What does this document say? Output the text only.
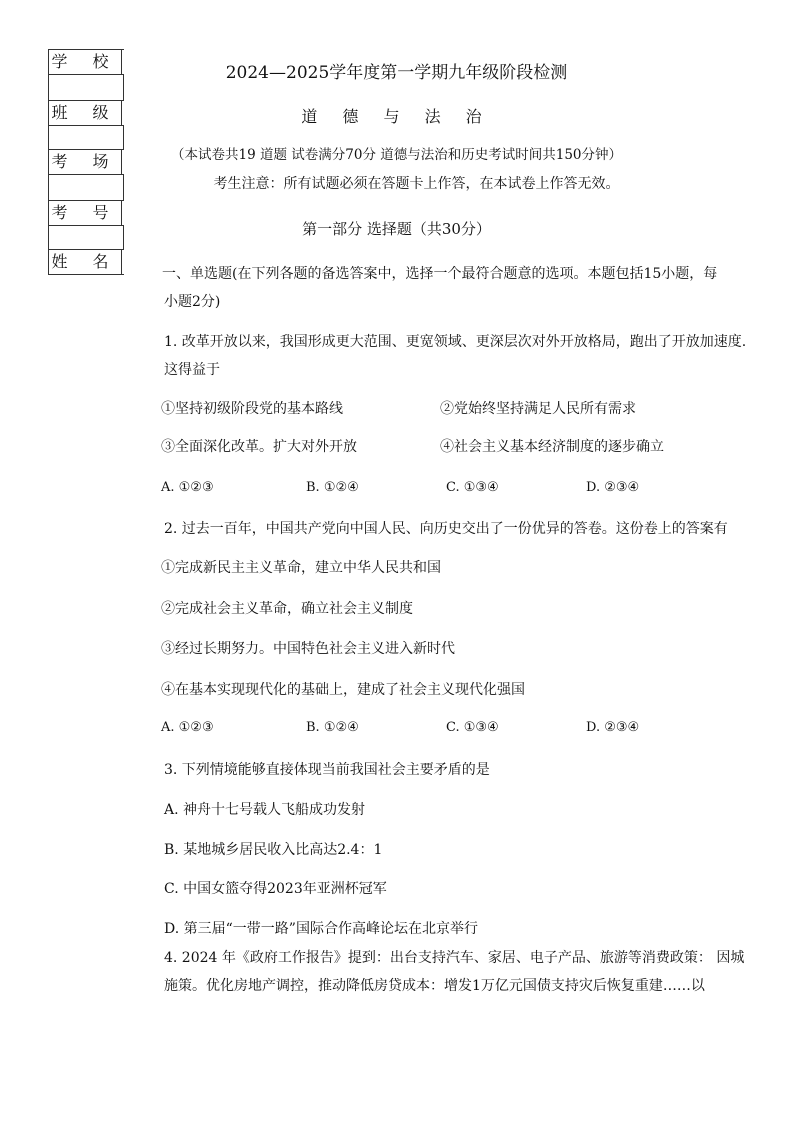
学 校
班 级
考 场
考 号
姓 名
2024—2025学年度第一学期九年级阶段检测
道 德 与 法 治
（本试卷共19 道题 试卷满分70分 道德与法治和历史考试时间共150分钟）
考生注意：所有试题必须在答题卡上作答，在本试卷上作答无效。
第一部分 选择题（共30分）
一、单选题(在下列各题的备选答案中，选择一个最符合题意的选项。本题包括15小题，每
小题2分)
1. 改革开放以来，我国形成更大范围、更宽领域、更深层次对外开放格局，跑出了开放加速度.
这得益于
①坚持初级阶段党的基本路线	②党始终坚持满足人民所有需求
③全面深化改革。扩大对外开放	④社会主义基本经济制度的逐步确立
A. ①②③	B. ①②④	C. ①③④	D. ②③④
2. 过去一百年，中国共产党向中国人民、向历史交出了一份优异的答卷。这份卷上的答案有
①完成新民主主义革命，建立中华人民共和国
②完成社会主义革命，确立社会主义制度
③经过长期努力。中国特色社会主义进入新时代
④在基本实现现代化的基础上，建成了社会主义现代化强国
A. ①②③	B. ①②④	C. ①③④	D. ②③④
3. 下列情境能够直接体现当前我国社会主要矛盾的是
A. 神舟十七号载人飞船成功发射
B. 某地城乡居民收入比高达2.4：1
C. 中国女篮夺得2023年亚洲杯冠军
D. 第三届“一带一路”国际合作高峰论坛在北京举行
4. 2024 年《政府工作报告》提到：出台支持汽车、家居、电子产品、旅游等消费政策： 因城
施策。优化房地产调控，推动降低房贷成本：增发1万亿元国债支持灾后恢复重建……以
